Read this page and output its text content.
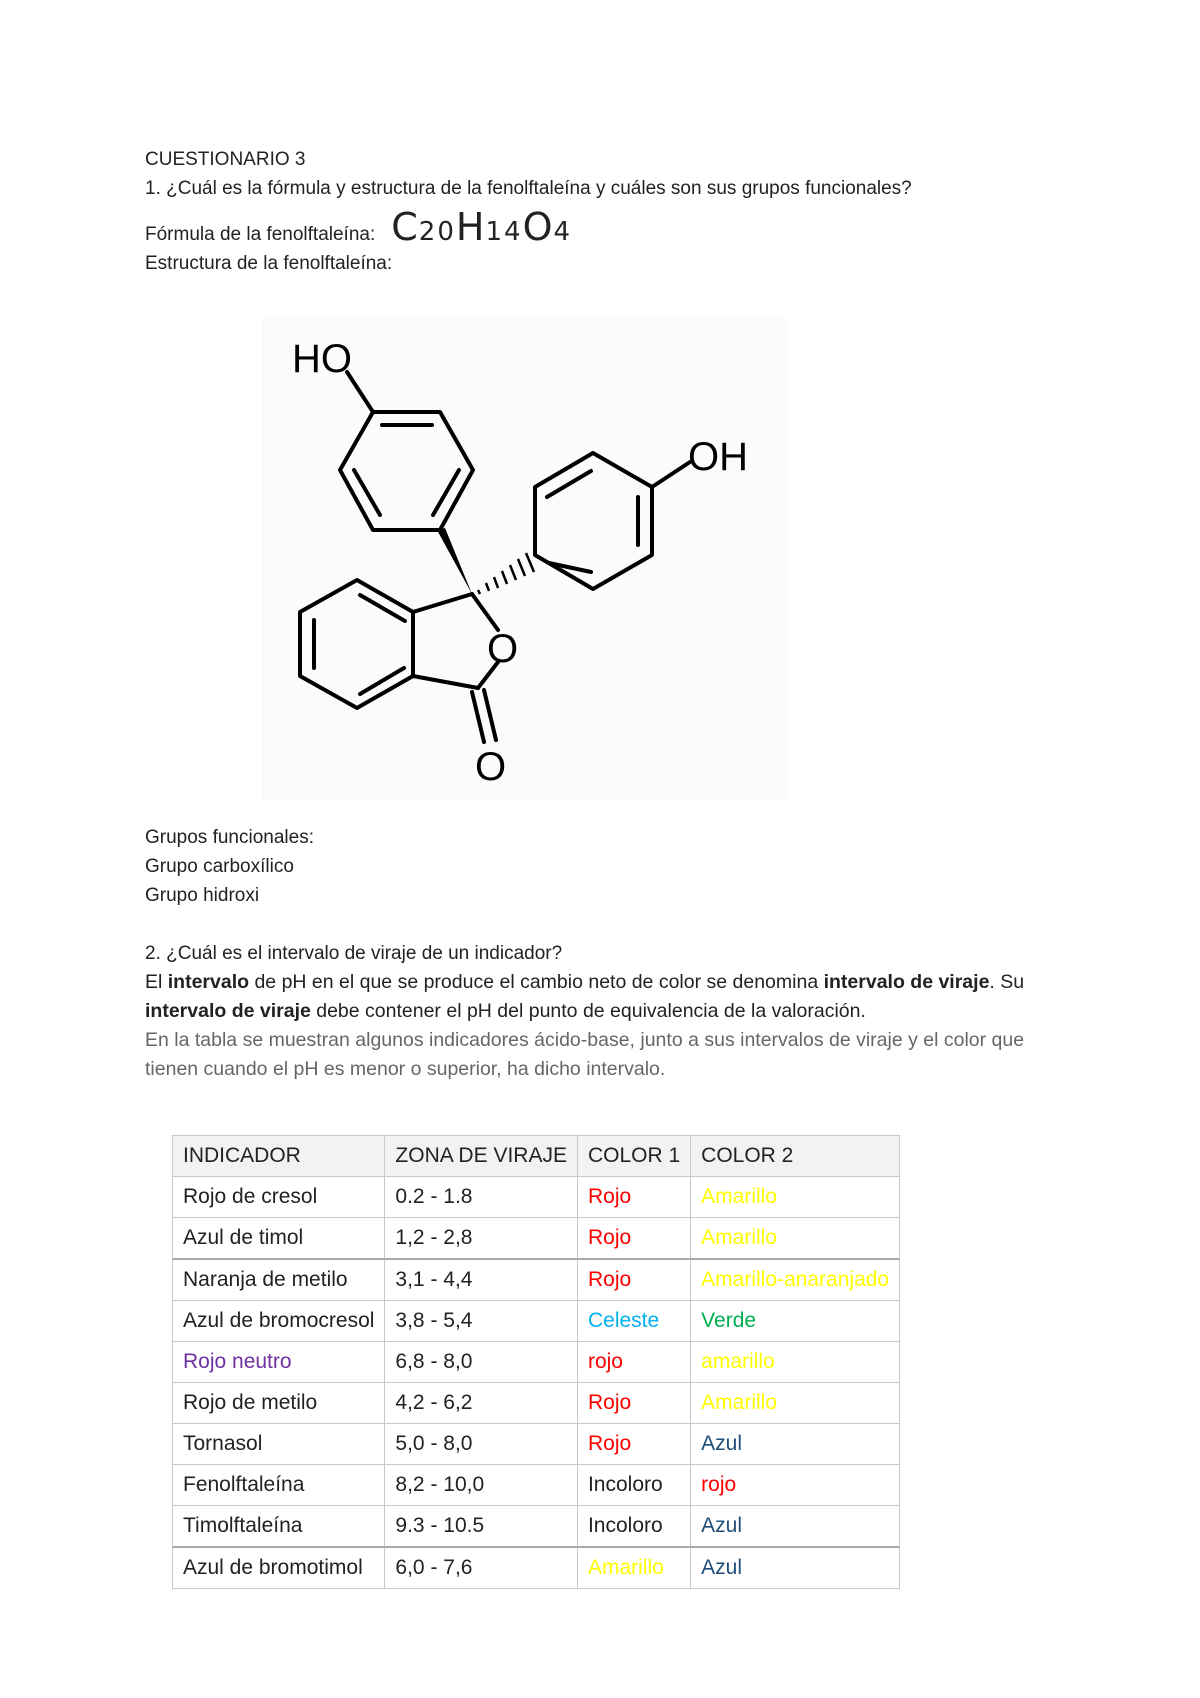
CUESTIONARIO 3

1. ¿Cuál es la fórmula y estructura de la fenolftaleína y cuáles son sus grupos funcionales?

Fórmula de la fenolftaleína: C20H14O4

Estructura de la fenolftaleína:

HO
OH
O
O

Grupos funcionales:

Grupo carboxílico

Grupo hidroxi

2. ¿Cuál es el intervalo de viraje de un indicador?

El intervalo de pH en el que se produce el cambio neto de color se denomina intervalo de viraje. Su intervalo de viraje debe contener el pH del punto de equivalencia de la valoración.

En la tabla se muestran algunos indicadores ácido-base, junto a sus intervalos de viraje y el color que tienen cuando el pH es menor o superior, ha dicho intervalo.

INDICADOR	ZONA DE VIRAJE	COLOR 1	COLOR 2
Rojo de cresol	0.2 - 1.8	Rojo	Amarillo
Azul de timol	1,2 - 2,8	Rojo	Amarillo
Naranja de metilo	3,1 - 4,4	Rojo	Amarillo-anaranjado
Azul de bromocresol	3,8 - 5,4	Celeste	Verde
Rojo neutro	6,8 - 8,0	rojo	amarillo
Rojo de metilo	4,2 - 6,2	Rojo	Amarillo
Tornasol	5,0 - 8,0	Rojo	Azul
Fenolftaleína	8,2 - 10,0	Incoloro	rojo
Timolftaleína	9.3 - 10.5	Incoloro	Azul
Azul de bromotimol	6,0 - 7,6	Amarillo	Azul
